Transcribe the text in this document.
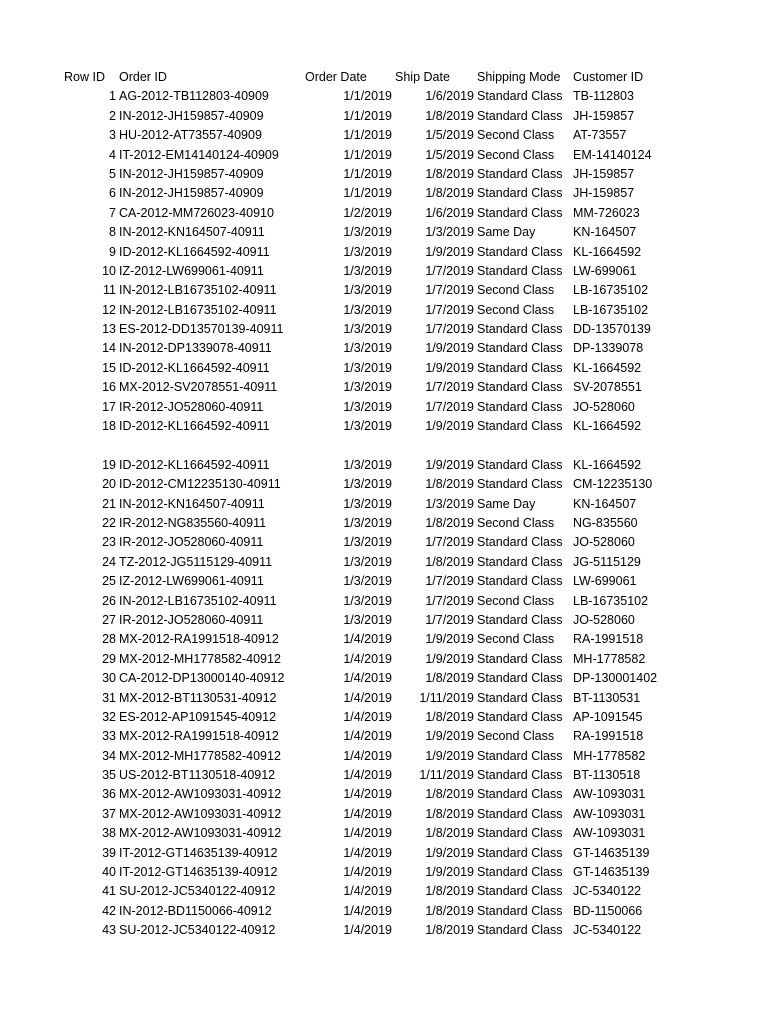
Row ID Order ID	Order Date Ship Date Shipping Mode Customer ID
1 AG-2012-TB112803-40909	1/1/2019	1/6/2019 Standard Class TB-112803
2 IN-2012-JH159857-40909	1/1/2019	1/8/2019 Standard Class JH-159857
3 HU-2012-AT73557-40909	1/1/2019	1/5/2019 Second Class AT-73557
4 IT-2012-EM14140124-40909	1/1/2019	1/5/2019 Second Class EM-14140124
5 IN-2012-JH159857-40909	1/1/2019	1/8/2019 Standard Class JH-159857
6 IN-2012-JH159857-40909	1/1/2019	1/8/2019 Standard Class JH-159857
7 CA-2012-MM726023-40910	1/2/2019	1/6/2019 Standard Class MM-726023
8 IN-2012-KN164507-40911	1/3/2019	1/3/2019 Same Day	KN-164507
9 ID-2012-KL1664592-40911	1/3/2019	1/9/2019 Standard Class KL-1664592
10 IZ-2012-LW699061-40911	1/3/2019	1/7/2019 Standard Class LW-699061
11 IN-2012-LB16735102-40911	1/3/2019	1/7/2019 Second Class LB-16735102
12 IN-2012-LB16735102-40911	1/3/2019	1/7/2019 Second Class LB-16735102
13 ES-2012-DD13570139-40911	1/3/2019	1/7/2019 Standard Class DD-13570139
14 IN-2012-DP1339078-40911	1/3/2019	1/9/2019 Standard Class DP-1339078
15 ID-2012-KL1664592-40911	1/3/2019	1/9/2019 Standard Class KL-1664592
16 MX-2012-SV2078551-40911	1/3/2019	1/7/2019 Standard Class SV-2078551
17 IR-2012-JO528060-40911	1/3/2019	1/7/2019 Standard Class JO-528060
18 ID-2012-KL1664592-40911	1/3/2019	1/9/2019 Standard Class KL-1664592
19 ID-2012-KL1664592-40911	1/3/2019	1/9/2019 Standard Class KL-1664592
20 ID-2012-CM12235130-40911	1/3/2019	1/8/2019 Standard Class CM-12235130
21 IN-2012-KN164507-40911	1/3/2019	1/3/2019 Same Day	KN-164507
22 IR-2012-NG835560-40911	1/3/2019	1/8/2019 Second Class NG-835560
23 IR-2012-JO528060-40911	1/3/2019	1/7/2019 Standard Class JO-528060
24 TZ-2012-JG5115129-40911	1/3/2019	1/8/2019 Standard Class JG-5115129
25 IZ-2012-LW699061-40911	1/3/2019	1/7/2019 Standard Class LW-699061
26 IN-2012-LB16735102-40911	1/3/2019	1/7/2019 Second Class LB-16735102
27 IR-2012-JO528060-40911	1/3/2019	1/7/2019 Standard Class JO-528060
28 MX-2012-RA1991518-40912	1/4/2019	1/9/2019 Second Class RA-1991518
29 MX-2012-MH1778582-40912	1/4/2019	1/9/2019 Standard Class MH-1778582
30 CA-2012-DP13000140-40912	1/4/2019	1/8/2019 Standard Class DP-130001402
31 MX-2012-BT1130531-40912	1/4/2019 1/11/2019 Standard Class BT-1130531
32 ES-2012-AP1091545-40912	1/4/2019	1/8/2019 Standard Class AP-1091545
33 MX-2012-RA1991518-40912	1/4/2019	1/9/2019 Second Class RA-1991518
34 MX-2012-MH1778582-40912	1/4/2019	1/9/2019 Standard Class MH-1778582
35 US-2012-BT1130518-40912	1/4/2019 1/11/2019 Standard Class BT-1130518
36 MX-2012-AW1093031-40912	1/4/2019	1/8/2019 Standard Class AW-1093031
37 MX-2012-AW1093031-40912	1/4/2019	1/8/2019 Standard Class AW-1093031
38 MX-2012-AW1093031-40912	1/4/2019	1/8/2019 Standard Class AW-1093031
39 IT-2012-GT14635139-40912	1/4/2019	1/9/2019 Standard Class GT-14635139
40 IT-2012-GT14635139-40912	1/4/2019	1/9/2019 Standard Class GT-14635139
41 SU-2012-JC5340122-40912	1/4/2019	1/8/2019 Standard Class JC-5340122
42 IN-2012-BD1150066-40912	1/4/2019	1/8/2019 Standard Class BD-1150066
43 SU-2012-JC5340122-40912	1/4/2019	1/8/2019 Standard Class JC-5340122
